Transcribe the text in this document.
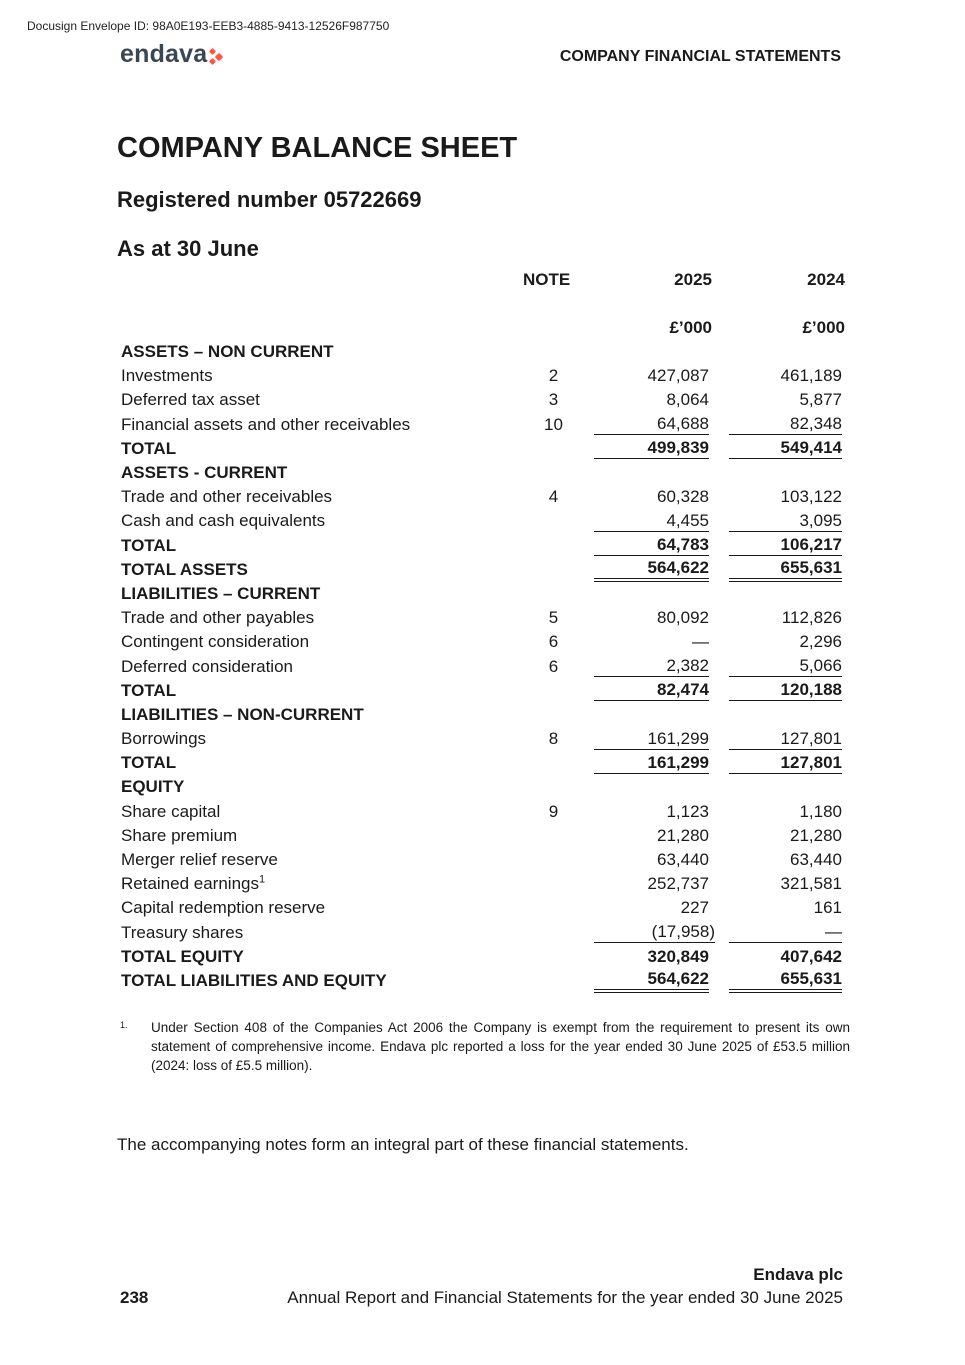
Docusign Envelope ID: 98A0E193-EEB3-4885-9413-12526F987750
endava	COMPANY FINANCIAL STATEMENTS
COMPANY BALANCE SHEET
Registered number 05722669
As at 30 June
	NOTE	2025	2024

		£’000	£’000
ASSETS – NON CURRENT		

Investments	2	427,087	461,189

Deferred tax asset	3	8,064	5,877

Financial assets and other receivables	10	64,688	82,348

TOTAL		499,839	549,414

ASSETS - CURRENT		

Trade and other receivables	4	60,328	103,122

Cash and cash equivalents		4,455	3,095

TOTAL		64,783	106,217

TOTAL ASSETS		564,622	655,631

LIABILITIES – CURRENT		

Trade and other payables	5	80,092	112,826

Contingent consideration	6	—	2,296

Deferred consideration	6	2,382	5,066

TOTAL		82,474	120,188

LIABILITIES – NON-CURRENT		

Borrowings	8	161,299	127,801

TOTAL		161,299	127,801

EQUITY		

Share capital	9	1,123	1,180

Share premium		21,280	21,280

Merger relief reserve		63,440	63,440

Retained earnings$^1$		252,737	321,581

Capital redemption reserve		227	161

Treasury shares		(17,958)	—

TOTAL EQUITY		320,849	407,642

TOTAL LIABILITIES AND EQUITY		564,622	655,631
1. Under Section 408 of the Companies Act 2006 the Company is exempt from the requirement to present its own statement of comprehensive income. Endava plc reported a loss for the year ended 30 June 2025 of £53.5 million (2024: loss of £5.5 million).
The accompanying notes form an integral part of these financial statements.
Endava plc
238	Annual Report and Financial Statements for the year ended 30 June 2025
